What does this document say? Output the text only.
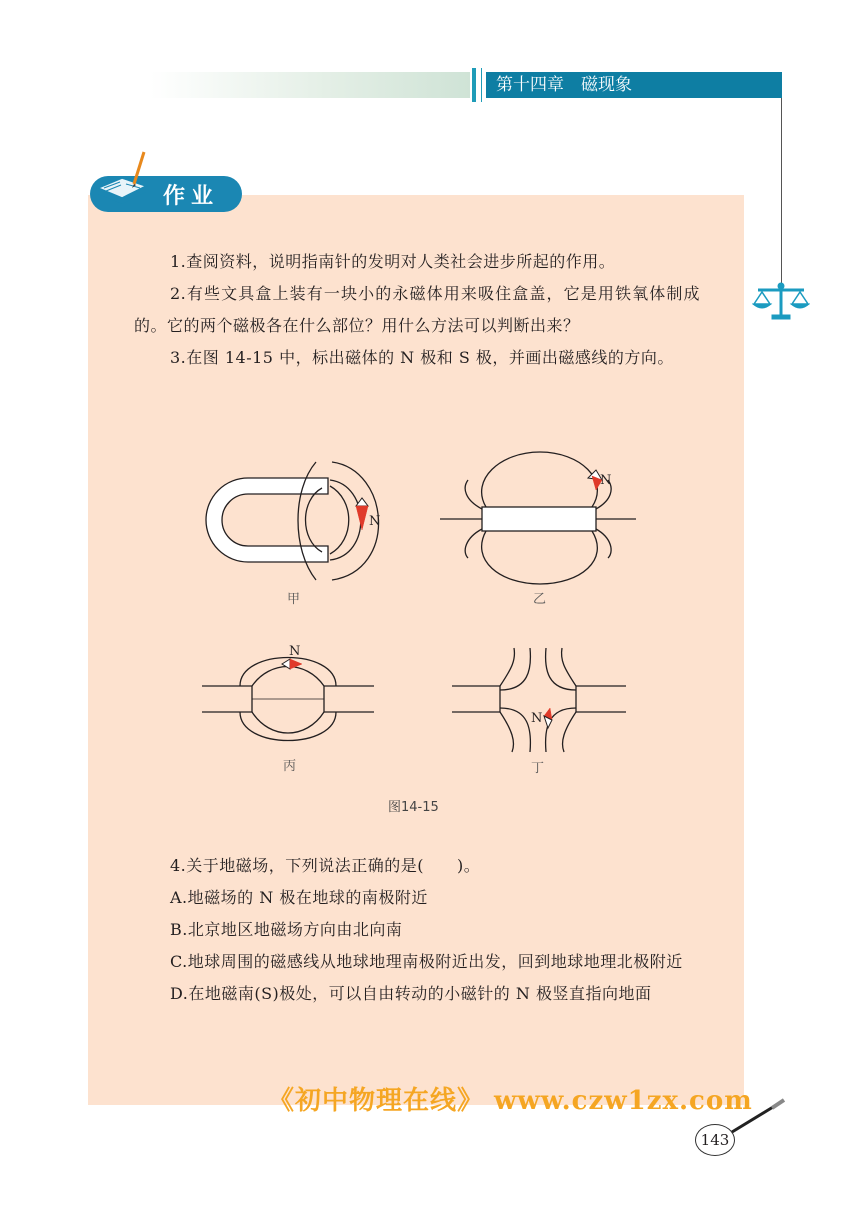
第十四章　磁现象
作业

1.查阅资料，说明指南针的发明对人类社会进步所起的作用。

2.有些文具盒上装有一块小的永磁体用来吸住盒盖，它是用铁氧体制成的。它的两个磁极各在什么部位？用什么方法可以判断出来？

3.在图 14-15 中，标出磁体的 N 极和 S 极，并画出磁感线的方向。

N
N
N
N
甲	乙
丙	丁
图14-15

4.关于地磁场，下列说法正确的是(　　)。

A.地磁场的 N 极在地球的南极附近

B.北京地区地磁场方向由北向南

C.地球周围的磁感线从地球地理南极附近出发，回到地球地理北极附近

D.在地磁南(S)极处，可以自由转动的小磁针的 N 极竖直指向地面

《初中物理在线》 www.czw1zx.com
143
